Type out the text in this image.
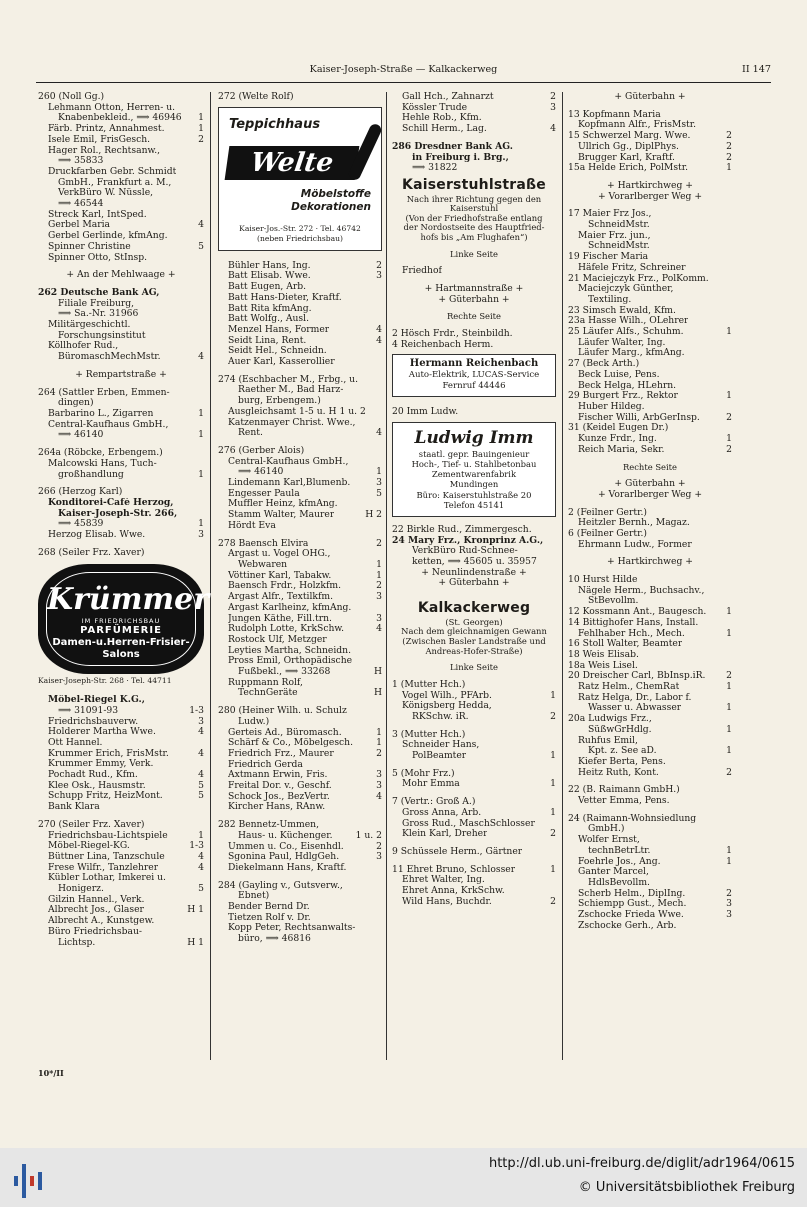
Kaiser-Joseph-Straße — Kalkackerweg	II 147
260 (Noll Gg.)
Lehmann Otton, Herren- u.
Knabenbekleid., ⟹ 46946	1
Färb. Printz, Annahmest.	1
Isele Emil, FrisGesch.	2
Hager Rol., Rechtsanw.,
⟹ 35833
Druckfarben Gebr. Schmidt
GmbH., Frankfurt a. M.,
VerkBüro W. Nüssle,
⟹ 46544
Streck Karl, IntSped.
Gerbel Maria	4
Gerbel Gerlinde, kfmAng.
Spinner Christine	5
Spinner Otto, StInsp.
+ An der Mehlwaage +
262 Deutsche Bank AG,
Filiale Freiburg,
⟹ Sa.-Nr. 31966
Militärgeschichtl.
Forschungsinstitut
Köllhofer Rud.,
BüromaschMechMstr.	4
+ Rempartstraße +
264 (Sattler Erben, Emmen-
dingen)
Barbarino L., Zigarren	1
Central-Kaufhaus GmbH.,
⟹ 46140	1
264a (Röbcke, Erbengem.)
Malcowski Hans, Tuch-
großhandlung	1
266 (Herzog Karl)
Konditorei-Café Herzog,
Kaiser-Joseph-Str. 266,
⟹ 45839	1
Herzog Elisab. Wwe.	3
268 (Seiler Frz. Xaver)
Krümmer
IM FRIEDRICHSBAU
PARFÜMERIE
Damen-u.Herren-Frisier-Salons
Kaiser-Joseph-Str. 268 · Tel. 44711
Möbel-Riegel K.G.,
⟹ 31091-93	1-3
Friedrichsbauverw.	3
Holderer Martha Wwe.	4
Ott Hannel.
Krummer Erich, FrisMstr.	4
Krummer Emmy, Verk.
Pochadt Rud., Kfm.	4
Klee Osk., Hausmstr.	5
Schupp Fritz, HeizMont.	5
Bank Klara
270 (Seiler Frz. Xaver)
Friedrichsbau-Lichtspiele	1
Möbel-Riegel-KG.	1-3
Büttner Lina, Tanzschule	4
Frese Wilfr., Tanzlehrer	4
Kübler Lothar, Imkerei u.
Honigerz.	5
Gilzin Hannel., Verk.
Albrecht Jos., Glaser	H 1
Albrecht A., Kunstgew.
Büro Friedrichsbau-
Lichtsp.	H 1
272 (Welte Rolf)
Teppichhaus
Welte
Möbelstoffe
Dekorationen
Kaiser-Jos.-Str. 272 · Tel. 46742
(neben Friedrichsbau)
Bühler Hans, Ing.	2
Batt Elisab. Wwe.	3
Batt Eugen, Arb.
Batt Hans-Dieter, Kraftf.
Batt Rita kfmAng.
Batt Wolfg., Ausl.
Menzel Hans, Former	4
Seidt Lina, Rent.	4
Seidt Hel., Schneidn.
Auer Karl, Kasserollier
274 (Eschbacher M., Frbg., u.
Raether M., Bad Harz-
burg, Erbengem.)
Ausgleichsamt 1-5 u. H 1 u. 2
Katzenmayer Christ. Wwe.,
Rent.	4
276 (Gerber Alois)
Central-Kaufhaus GmbH.,
⟹ 46140	1
Lindemann Karl,Blumenb.	3
Engesser Paula	5
Muffler Heinz, kfmAng.
Stamm Walter, Maurer	H 2
Hördt Eva
278 Baensch Elvira	2
Argast u. Vogel OHG.,
Webwaren	1
Vöttiner Karl, Tabakw.	1
Baensch Frdr., Holzkfm.	2
Argast Alfr., Textilkfm.	3
Argast Karlheinz, kfmAng.
Jungen Käthe, Fill.trn.	3
Rudolph Lotte, KrkSchw.	4
Rostock Ulf, Metzger
Leyties Martha, Schneidn.
Pross Emil, Orthopädische
Fußbekl., ⟹ 33268	H
Ruppmann Rolf,
TechnGeräte	H
280 (Heiner Wilh. u. Schulz
Ludw.)
Gerteis Ad., Büromasch.	1
Schärf & Co., Möbelgesch.	1
Friedrich Frz., Maurer	2
Friedrich Gerda
Axtmann Erwin, Fris.	3
Freital Dor. v., Geschf.	3
Schock Jos., BezVertr.	4
Kircher Hans, RAnw.
282 Bennetz-Ummen,
Haus- u. Küchenger.	1 u. 2
Ummen u. Co., Eisenhdl.	2
Sgonina Paul, HdlgGeh.	3
Diekelmann Hans, Kraftf.
284 (Gayling v., Gutsverw.,
Ebnet)
Bender Bernd Dr.
Tietzen Rolf v. Dr.
Kopp Peter, Rechtsanwalts-
büro, ⟹ 46816
Gall Hch., Zahnarzt	2
Kössler Trude	3
Hehle Rob., Kfm.
Schill Herm., Lag.	4
286 Dresdner Bank AG.
in Freiburg i. Brg.,
⟹ 31822
Kaiserstuhlstraße
Nach ihrer Richtung gegen den
Kaiserstuhl
(Von der Friedhofstraße entlang
der Nordostseite des Hauptfried-
hofs bis „Am Flughafen“)
Linke Seite
Friedhof
+ Hartmannstraße +
+ Güterbahn +
Rechte Seite
2 Hösch Frdr., Steinbildh.
4 Reichenbach Herm.
Hermann Reichenbach
Auto-Elektrik, LUCAS-Service
Fernruf 44446
20 Imm Ludw.
Ludwig Imm
staatl. gepr. Bauingenieur
Hoch-, Tief- u. Stahlbetonbau
Zementwarenfabrik
Mundingen
Büro: Kaiserstuhlstraße 20
Telefon 45141
22 Birkle Rud., Zimmergesch.
24 Mary Frz., Kronprinz A.G.,
VerkBüro Rud-Schnee-
ketten, ⟹ 45605 u. 35957
+ Neunlindenstraße +
+ Güterbahn +
Kalkackerweg
(St. Georgen)
Nach dem gleichnamigen Gewann
(Zwischen Basler Landstraße und
Andreas-Hofer-Straße)
Linke Seite
1 (Mutter Hch.)
Vogel Wilh., PFArb.	1
Königsberg Hedda,
RKSchw. iR.	2
3 (Mutter Hch.)
Schneider Hans,
PolBeamter	1
5 (Mohr Frz.)
Mohr Emma	1
7 (Vertr.: Groß A.)
Gross Anna, Arb.	1
Gross Rud., MaschSchlosser
Klein Karl, Dreher	2
9 Schüssele Herm., Gärtner
11 Ehret Bruno, Schlosser	1
Ehret Walter, Ing.
Ehret Anna, KrkSchw.
Wild Hans, Buchdr.	2
+ Güterbahn +
13 Kopfmann Maria
Kopfmann Alfr., FrisMstr.
15 Schwerzel Marg. Wwe.	2
Ullrich Gg., DiplPhys.	2
Brugger Karl, Kraftf.	2
15a Helde Erich, PolMstr.	1
+ Hartkirchweg +
+ Vorarlberger Weg +
17 Maier Frz Jos.,
SchneidMstr.
Maier Frz. jun.,
SchneidMstr.
19 Fischer Maria
Häfele Fritz, Schreiner
21 Maciejczyk Frz., PolKomm.
Maciejczyk Günther,
Textiling.
23 Simsch Ewald, Kfm.
23a Hasse Wilh., OLehrer
25 Läufer Alfs., Schuhm.	1
Läufer Walter, Ing.
Läufer Marg., kfmAng.
27 (Beck Arth.)
Beck Luise, Pens.
Beck Helga, HLehrn.
29 Burgert Frz., Rektor	1
Huber Hildeg.
Fischer Willi, ArbGerInsp.	2
31 (Keidel Eugen Dr.)
Kunze Frdr., Ing.	1
Reich Maria, Sekr.	2
Rechte Seite
+ Güterbahn +
+ Vorarlberger Weg +
2 (Feilner Gertr.)
Heitzler Bernh., Magaz.
6 (Feilner Gertr.)
Ehrmann Ludw., Former
+ Hartkirchweg +
10 Hurst Hilde
Nägele Herm., Buchsachv.,
StBevollm.
12 Kossmann Ant., Baugesch.	1
14 Bittighofer Hans, Install.
Fehlhaber Hch., Mech.	1
16 Stoll Walter, Beamter
18 Weis Elisab.
18a Weis Lisel.
20 Dreischer Carl, BbInsp.iR.	2
Ratz Helm., ChemRat	1
Ratz Helga, Dr., Labor f.
Wasser u. Abwasser	1
20a Ludwigs Frz.,
SüßwGrHdlg.	1
Ruhfus Emil,
Kpt. z. See aD.	1
Kiefer Berta, Pens.
Heitz Ruth, Kont.	2
22 (B. Raimann GmbH.)
Vetter Emma, Pens.
24 (Raimann-Wohnsiedlung
GmbH.)
Wolfer Ernst,
technBetrLtr.	1
Foehrle Jos., Ang.	1
Ganter Marcel,
HdlsBevollm.
Scherb Helm., DiplIng.	2
Schiempp Gust., Mech.	3
Zschocke Frieda Wwe.	3
Zschocke Gerh., Arb.
10*/II
http://dl.ub.uni-freiburg.de/diglit/adr1964/0615
© Universitätsbibliothek Freiburg
